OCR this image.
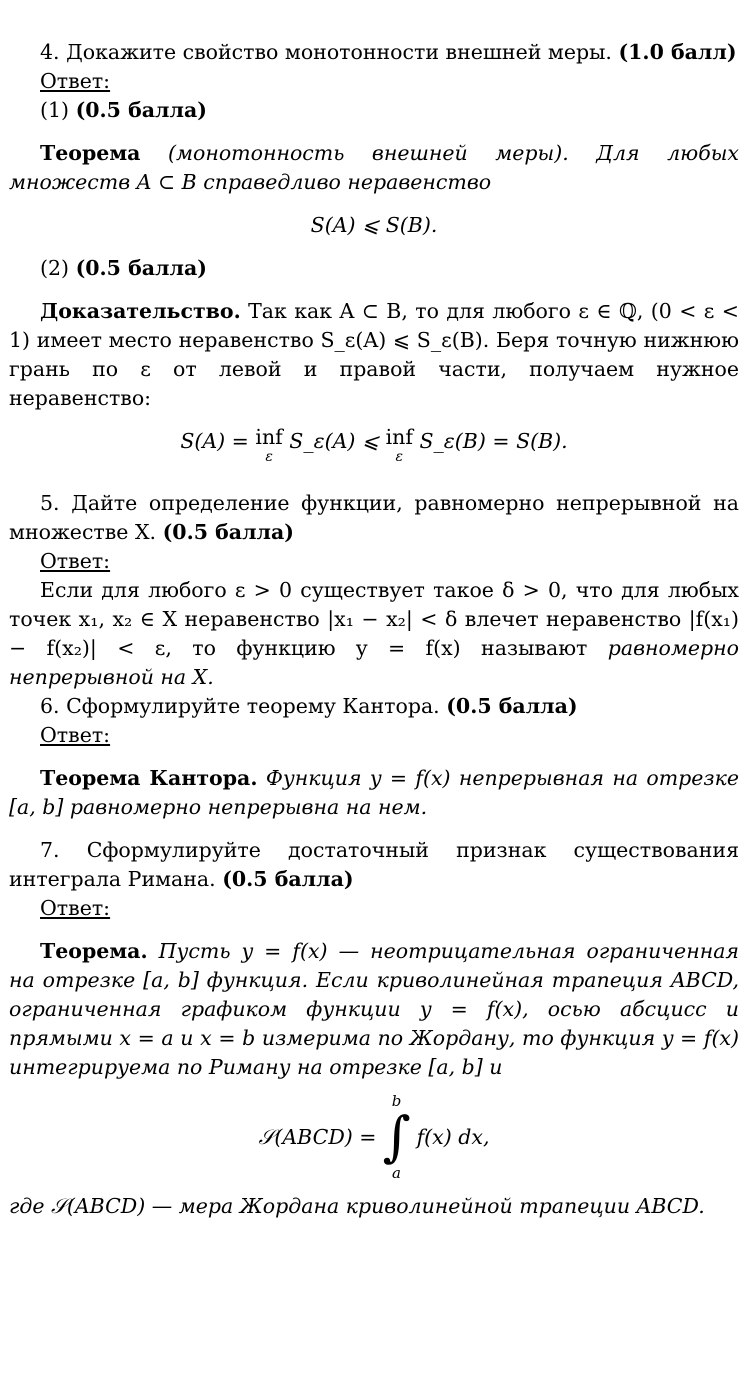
4. Докажите свойство монотонности внешней меры. (1.0 балл)

Ответ:

(1) (0.5 балла)

Теорема (монотонность внешней меры). Для любых множеств A ⊂ B справедливо неравенство

S(A) ⩽ S(B).

(2) (0.5 балла)

Доказательство. Так как A ⊂ B, то для любого ε ∈ ℚ, (0 < ε < 1) имеет место неравенство S_ε(A) ⩽ S_ε(B). Беря точную нижнюю грань по ε от левой и правой части, получаем нужное неравенство:

S(A) = inf
ε
S_ε(A) ⩽ inf
ε
S_ε(B) = S(B).

5. Дайте определение функции, равномерно непрерывной на множестве X. (0.5 балла)

Ответ:

Если для любого ε > 0 существует такое δ > 0, что для любых точек x₁, x₂ ∈ X неравенство |x₁ − x₂| < δ влечет неравенство |f(x₁) − f(x₂)| < ε, то функцию y = f(x) называют равномерно непрерывной на X.

6. Сформулируйте теорему Кантора. (0.5 балла)

Ответ:

Теорема Кантора. Функция y = f(x) непрерывная на отрезке [a, b] равномерно непрерывна на нем.

7. Сформулируйте достаточный признак существования интеграла Римана. (0.5 балла)

Ответ:

Теорема. Пусть y = f(x) — неотрицательная ограниченная на отрезке [a, b] функция. Если криволинейная трапеция ABCD, ограниченная графиком функции y = f(x), осью абсцисс и прямыми x = a и x = b измерима по Жордану, то функция y = f(x) интегрируема по Риману на отрезке [a, b] и

𝒮(ABCD) =
b
∫
a
f(x) dx,

где 𝒮(ABCD) — мера Жордана криволинейной трапеции ABCD.
